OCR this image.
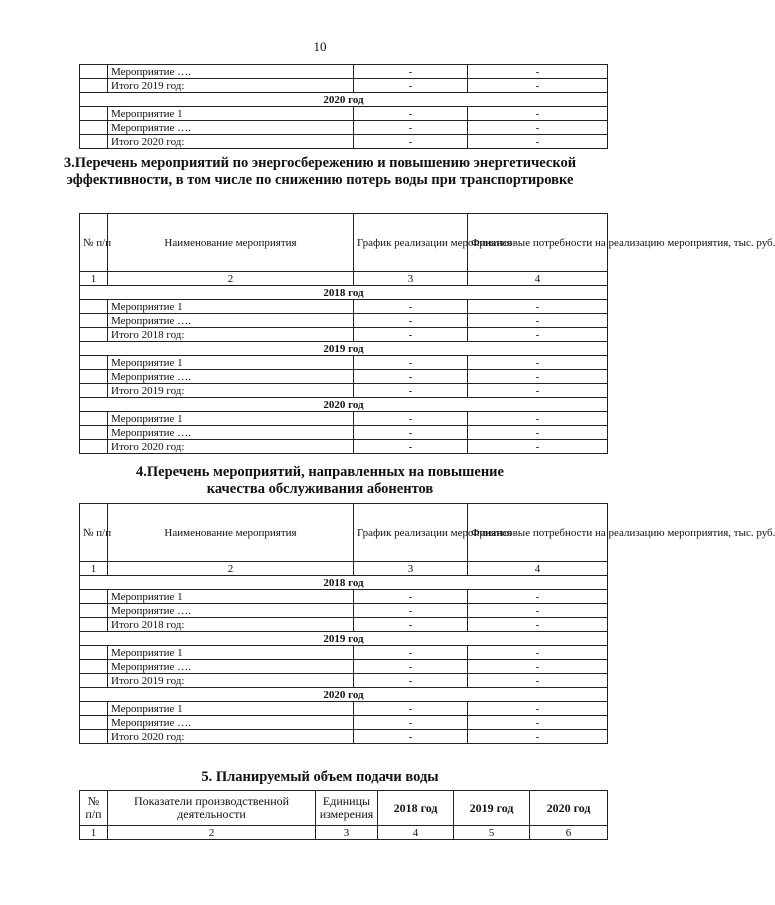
10
	Мероприятие ….	-	-
	Итого 2019 год:	-	-
2020 год			
	Мероприятие 1	-	-
	Мероприятие ….	-	-
	Итого 2020 год:	-	-
3.Перечень мероприятий по энергосбережению и повышению энергетической эффективности, в том числе по снижению потерь воды при транспортировке
№ п/п	Наименование мероприятия	График реализации мероприятия	Финансовые потребности на реализацию мероприятия, тыс. руб.
1	2	3	4
2018 год			
	Мероприятие 1	-	-
	Мероприятие ….	-	-
	Итого 2018 год:	-	-
2019 год			
	Мероприятие 1	-	-
	Мероприятие ….	-	-
	Итого 2019 год:	-	-
2020 год			
	Мероприятие 1	-	-
	Мероприятие ….	-	-
	Итого 2020 год:	-	-
4.Перечень мероприятий, направленных на повышение качества обслуживания абонентов
№ п/п	Наименование мероприятия	График реализации мероприятия	Финансовые потребности на реализацию мероприятия, тыс. руб.
1	2	3	4
2018 год			
	Мероприятие 1	-	-
	Мероприятие ….	-	-
	Итого 2018 год:	-	-
2019 год			
	Мероприятие 1	-	-
	Мероприятие ….	-	-
	Итого 2019 год:	-	-
2020 год			
	Мероприятие 1	-	-
	Мероприятие ….	-	-
	Итого 2020 год:	-	-
5. Планируемый объем подачи воды
№ п/п	Показатели производственной деятельности	Единицы измерения	2018 год	2019 год	2020 год
1	2	3	4	5	6
